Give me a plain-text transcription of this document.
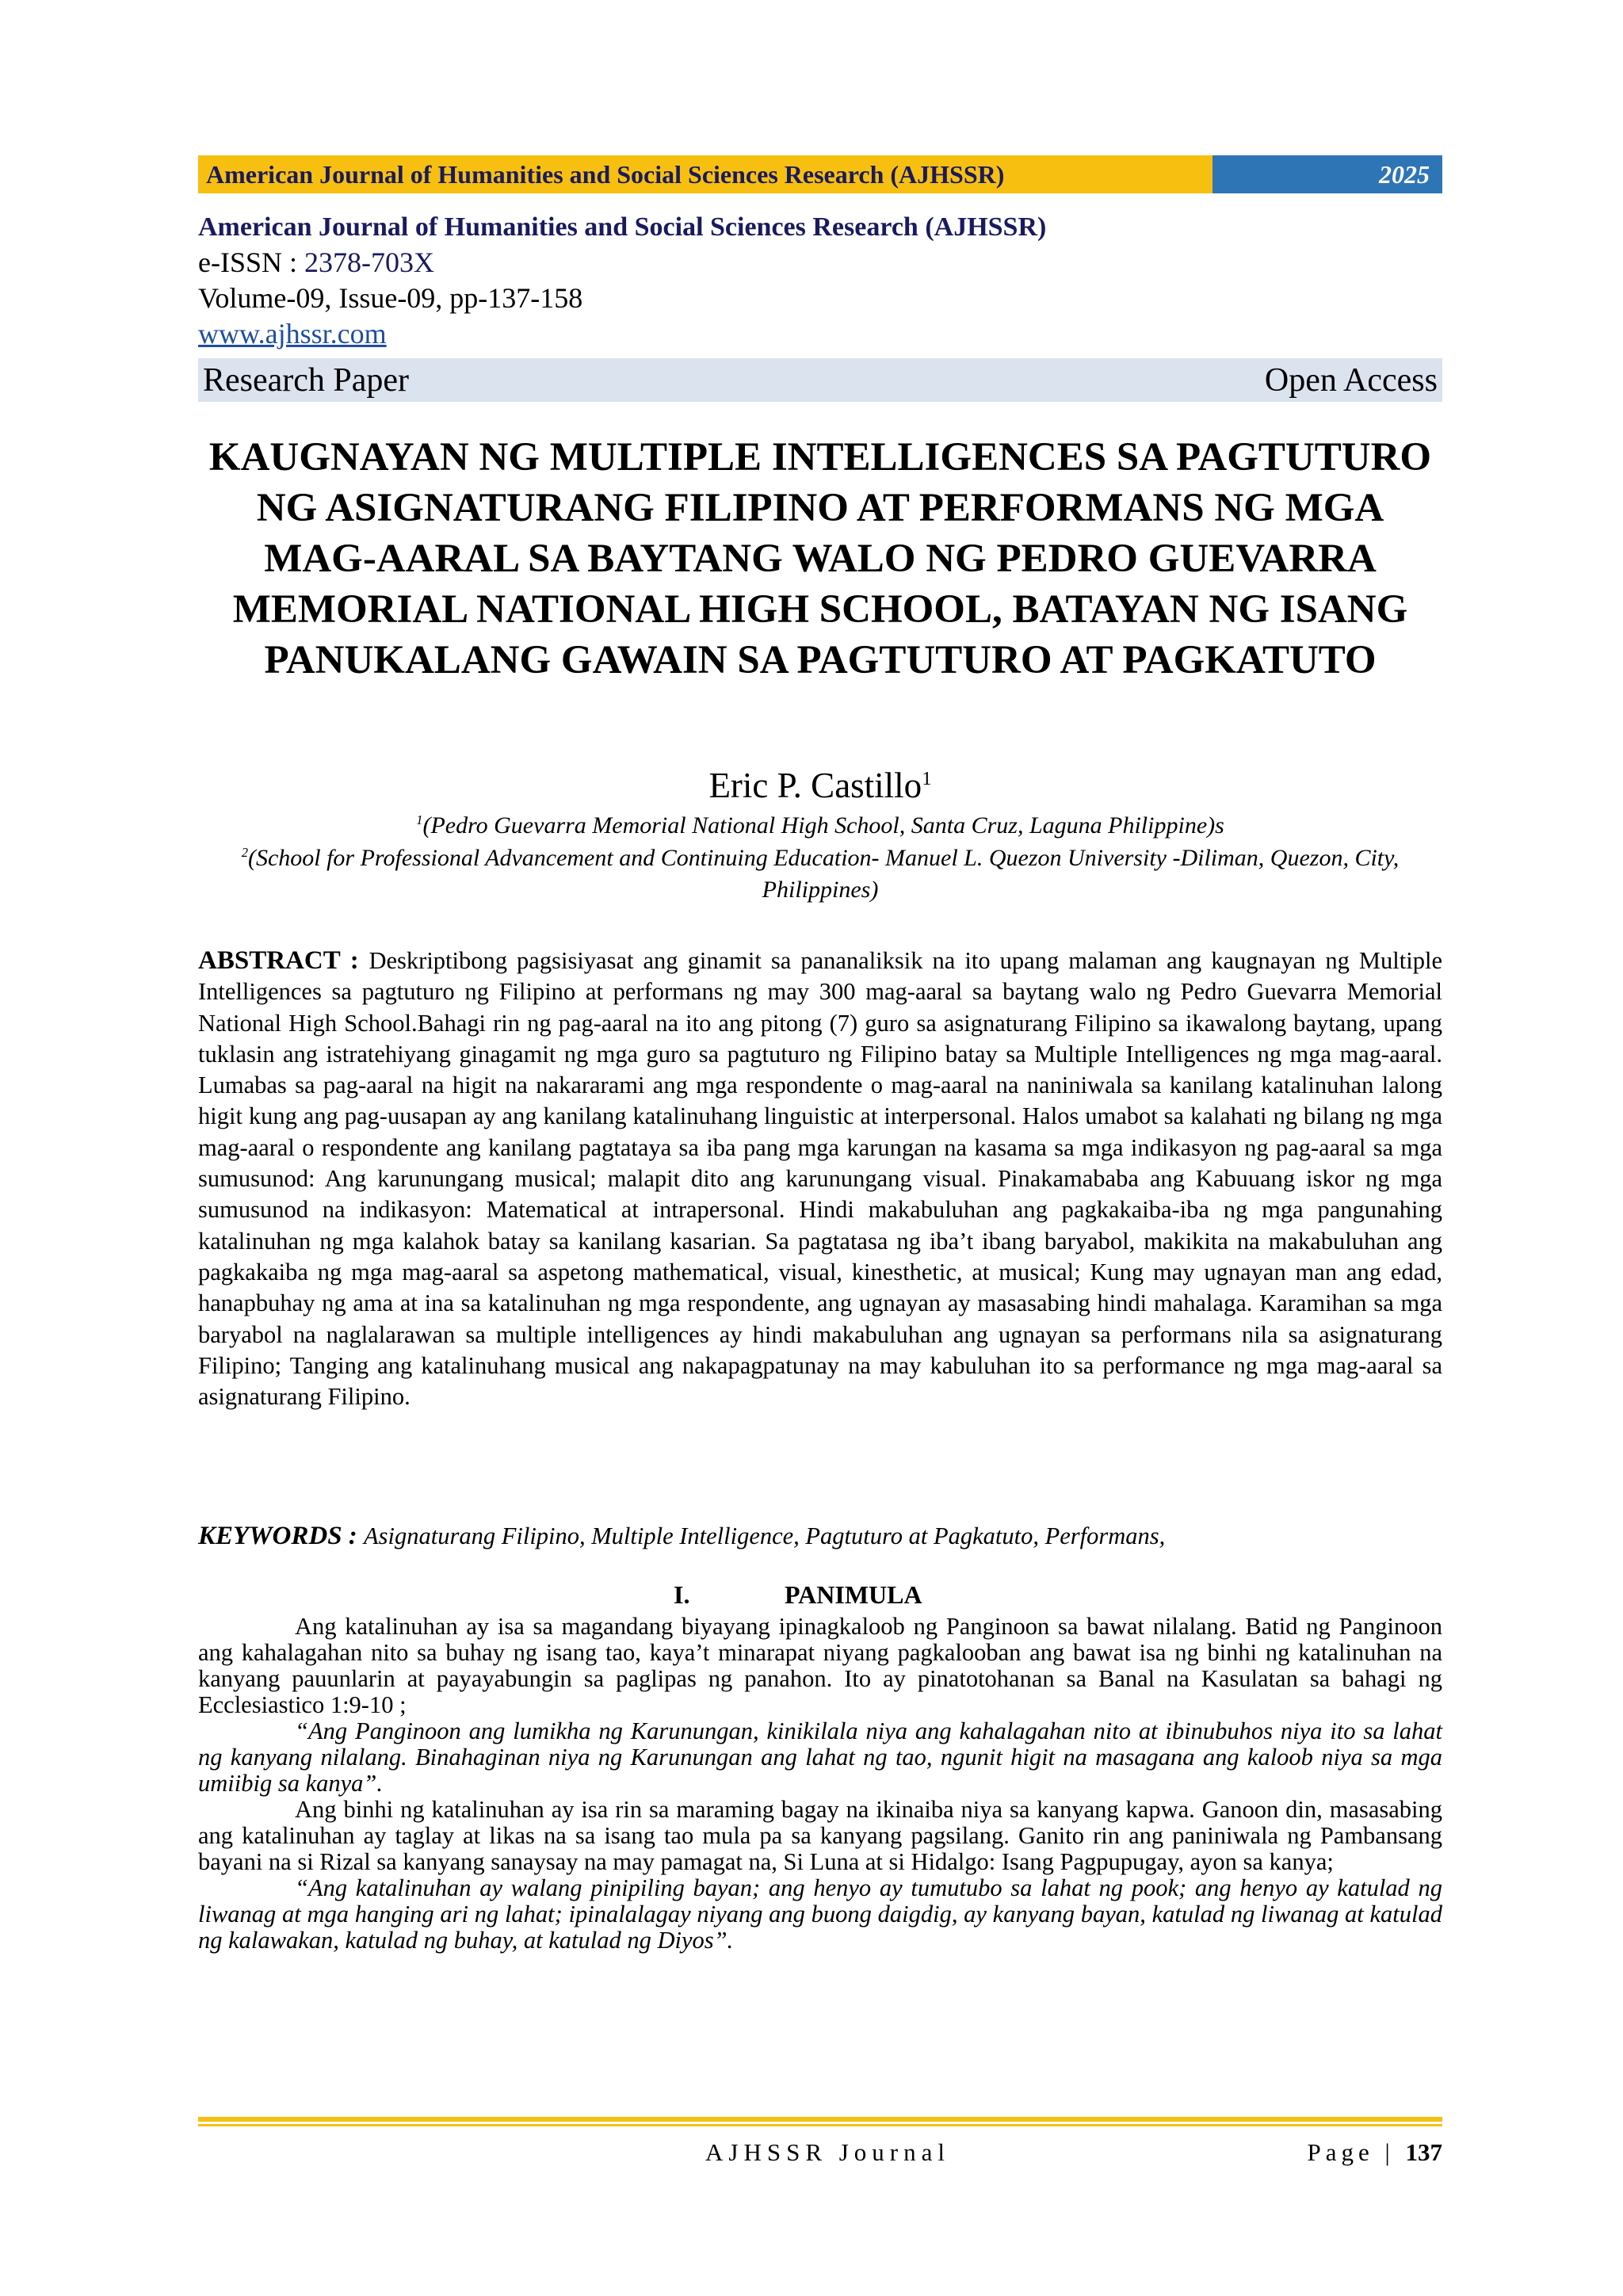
American Journal of Humanities and Social Sciences Research (AJHSSR)	2025
American Journal of Humanities and Social Sciences Research (AJHSSR)
e-ISSN : 2378-703X
Volume-09, Issue-09, pp-137-158
www.ajhssr.com
Research Paper	Open Access
KAUGNAYAN NG MULTIPLE INTELLIGENCES SA PAGTUTURO NG ASIGNATURANG FILIPINO AT PERFORMANS NG MGA MAG-AARAL SA BAYTANG WALO NG PEDRO GUEVARRA MEMORIAL NATIONAL HIGH SCHOOL, BATAYAN NG ISANG PANUKALANG GAWAIN SA PAGTUTURO AT PAGKATUTO
Eric P. Castillo$^1$
$^1$(Pedro Guevarra Memorial National High School, Santa Cruz, Laguna Philippine)s
$^2$(School for Professional Advancement and Continuing Education- Manuel L. Quezon University -Diliman, Quezon, City, Philippines)
ABSTRACT : Deskriptibong pagsisiyasat ang ginamit sa pananaliksik na ito upang malaman ang kaugnayan ng Multiple Intelligences sa pagtuturo ng Filipino at performans ng may 300 mag-aaral sa baytang walo ng Pedro Guevarra Memorial National High School.Bahagi rin ng pag-aaral na ito ang pitong (7) guro sa asignaturang Filipino sa ikawalong baytang, upang tuklasin ang istratehiyang ginagamit ng mga guro sa pagtuturo ng Filipino batay sa Multiple Intelligences ng mga mag-aaral. Lumabas sa pag-aaral na higit na nakararami ang mga respondente o mag-aaral na naniniwala sa kanilang katalinuhan lalong higit kung ang pag-uusapan ay ang kanilang katalinuhang linguistic at interpersonal. Halos umabot sa kalahati ng bilang ng mga mag-aaral o respondente ang kanilang pagtataya sa iba pang mga karungan na kasama sa mga indikasyon ng pag-aaral sa mga sumusunod: Ang karunungang musical; malapit dito ang karunungang visual. Pinakamababa ang Kabuuang iskor ng mga sumusunod na indikasyon: Matematical at intrapersonal. Hindi makabuluhan ang pagkakaiba-iba ng mga pangunahing katalinuhan ng mga kalahok batay sa kanilang kasarian. Sa pagtatasa ng iba’t ibang baryabol, makikita na makabuluhan ang pagkakaiba ng mga mag-aaral sa aspetong mathematical, visual, kinesthetic, at musical; Kung may ugnayan man ang edad, hanapbuhay ng ama at ina sa katalinuhan ng mga respondente, ang ugnayan ay masasabing hindi mahalaga. Karamihan sa mga baryabol na naglalarawan sa multiple intelligences ay hindi makabuluhan ang ugnayan sa performans nila sa asignaturang Filipino; Tanging ang katalinuhang musical ang nakapagpatunay na may kabuluhan ito sa performance ng mga mag-aaral sa asignaturang Filipino.
KEYWORDS : Asignaturang Filipino, Multiple Intelligence, Pagtuturo at Pagkatuto, Performans,
I.	PANIMULA

Ang katalinuhan ay isa sa magandang biyayang ipinagkaloob ng Panginoon sa bawat nilalang. Batid ng Panginoon ang kahalagahan nito sa buhay ng isang tao, kaya’t minarapat niyang pagkalooban ang bawat isa ng binhi ng katalinuhan na kanyang pauunlarin at payayabungin sa paglipas ng panahon. Ito ay pinatotohanan sa Banal na Kasulatan sa bahagi ng Ecclesiastico 1:9-10 ;

“Ang Panginoon ang lumikha ng Karunungan, kinikilala niya ang kahalagahan nito at ibinubuhos niya ito sa lahat ng kanyang nilalang. Binahaginan niya ng Karunungan ang lahat ng tao, ngunit higit na masagana ang kaloob niya sa mga umiibig sa kanya”.

Ang binhi ng katalinuhan ay isa rin sa maraming bagay na ikinaiba niya sa kanyang kapwa. Ganoon din, masasabing ang katalinuhan ay taglay at likas na sa isang tao mula pa sa kanyang pagsilang. Ganito rin ang paniniwala ng Pambansang bayani na si Rizal sa kanyang sanaysay na may pamagat na, Si Luna at si Hidalgo: Isang Pagpupugay, ayon sa kanya;

“Ang katalinuhan ay walang pinipiling bayan; ang henyo ay tumutubo sa lahat ng pook; ang henyo ay katulad ng liwanag at mga hanging ari ng lahat; ipinalalagay niyang ang buong daigdig, ay kanyang bayan, katulad ng liwanag at katulad ng kalawakan, katulad ng buhay, at katulad ng Diyos”.

AJHSSR Journal	Page | 137
